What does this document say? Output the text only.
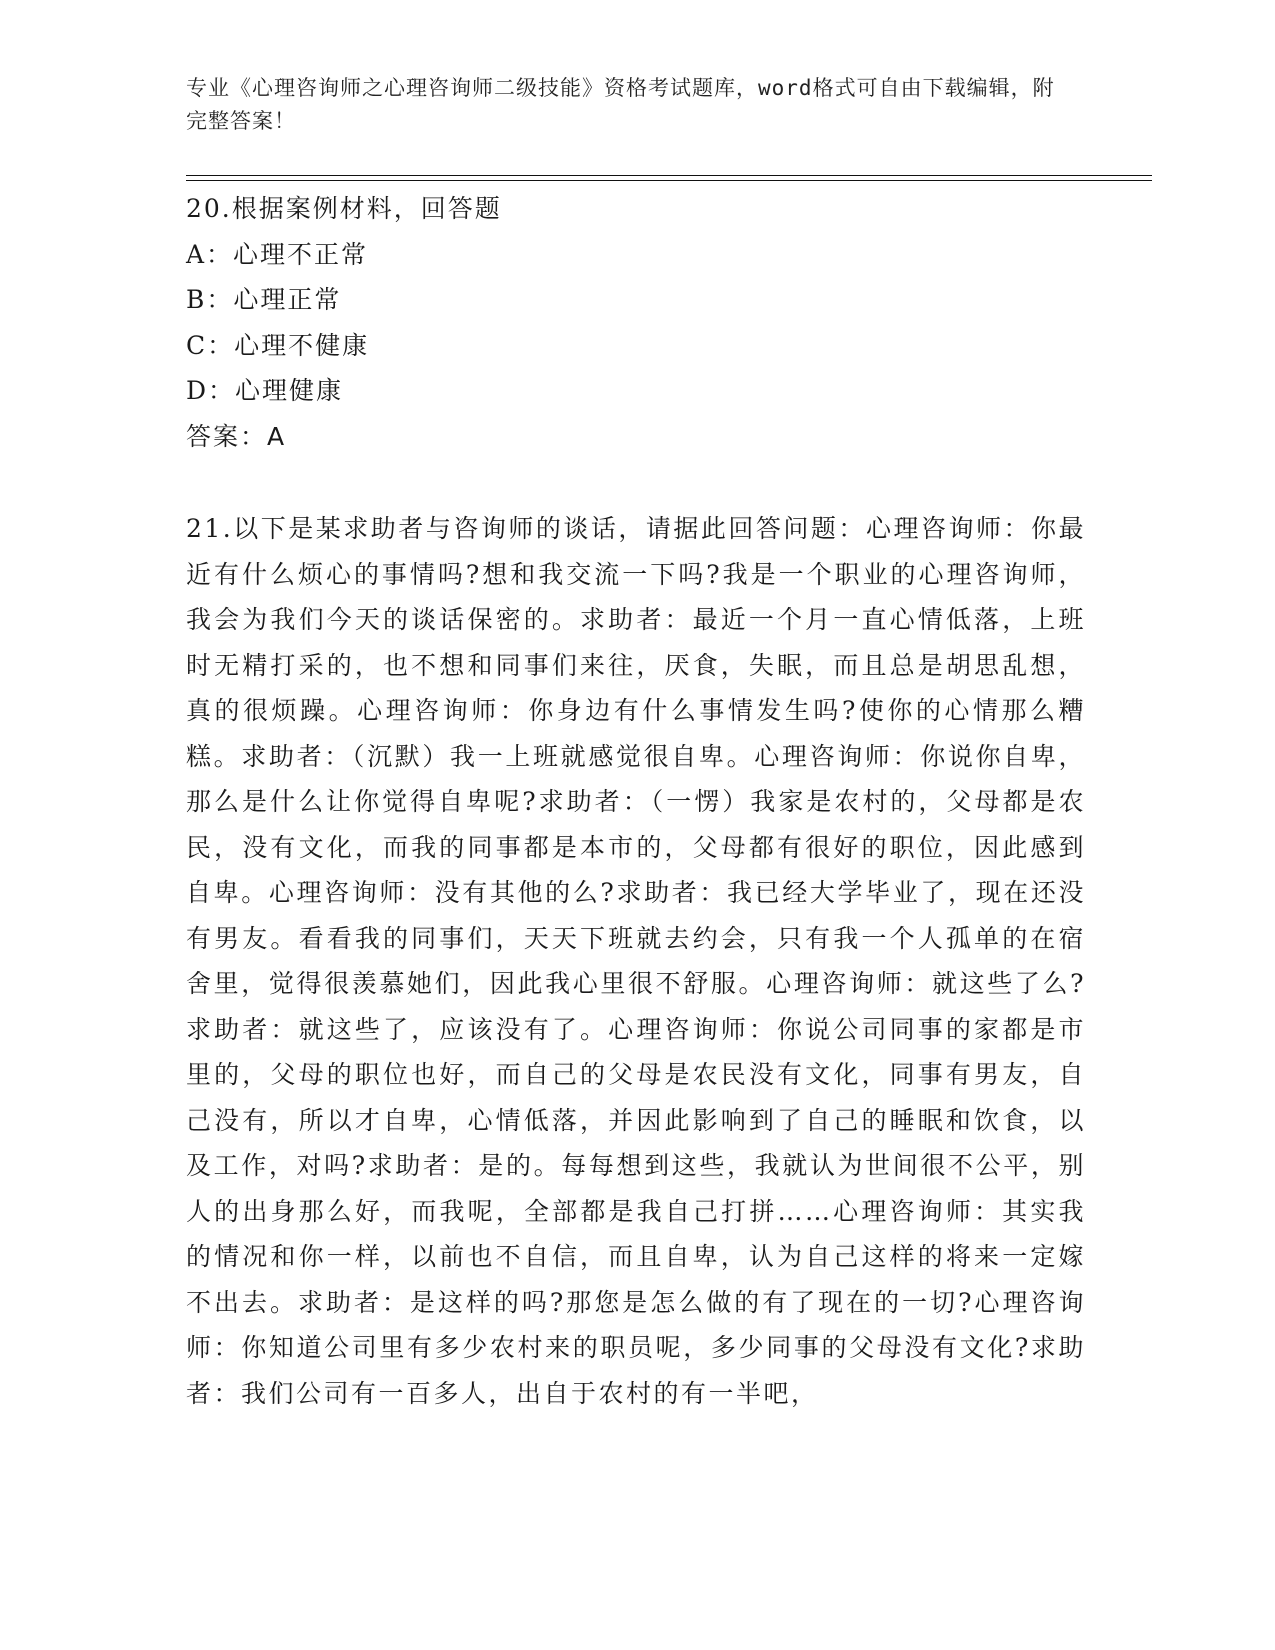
专业《心理咨询师之心理咨询师二级技能》资格考试题库，word格式可自由下载编辑，附完整答案！
20.根据案例材料，回答题
A：心理不正常
B：心理正常
C：心理不健康
D：心理健康
答案：A
21.以下是某求助者与咨询师的谈话，请据此回答问题：心理咨询师：你最近有什么烦心的事情吗?想和我交流一下吗?我是一个职业的心理咨询师，我会为我们今天的谈话保密的。求助者：最近一个月一直心情低落，上班时无精打采的，也不想和同事们来往，厌食，失眠，而且总是胡思乱想，真的很烦躁。心理咨询师：你身边有什么事情发生吗?使你的心情那么糟糕。求助者：（沉默）我一上班就感觉很自卑。心理咨询师：你说你自卑，那么是什么让你觉得自卑呢?求助者：（一愣）我家是农村的，父母都是农民，没有文化，而我的同事都是本市的，父母都有很好的职位，因此感到自卑。心理咨询师：没有其他的么?求助者：我已经大学毕业了，现在还没有男友。看看我的同事们，天天下班就去约会，只有我一个人孤单的在宿舍里，觉得很羡慕她们，因此我心里很不舒服。心理咨询师：就这些了么?求助者：就这些了，应该没有了。心理咨询师：你说公司同事的家都是市里的，父母的职位也好，而自己的父母是农民没有文化，同事有男友，自己没有，所以才自卑，心情低落，并因此影响到了自己的睡眠和饮食，以及工作，对吗?求助者：是的。每每想到这些，我就认为世间很不公平，别人的出身那么好，而我呢，全部都是我自己打拼……心理咨询师：其实我的情况和你一样，以前也不自信，而且自卑，认为自己这样的将来一定嫁不出去。求助者：是这样的吗?那您是怎么做的有了现在的一切?心理咨询师：你知道公司里有多少农村来的职员呢，多少同事的父母没有文化?求助者：我们公司有一百多人，出自于农村的有一半吧，
